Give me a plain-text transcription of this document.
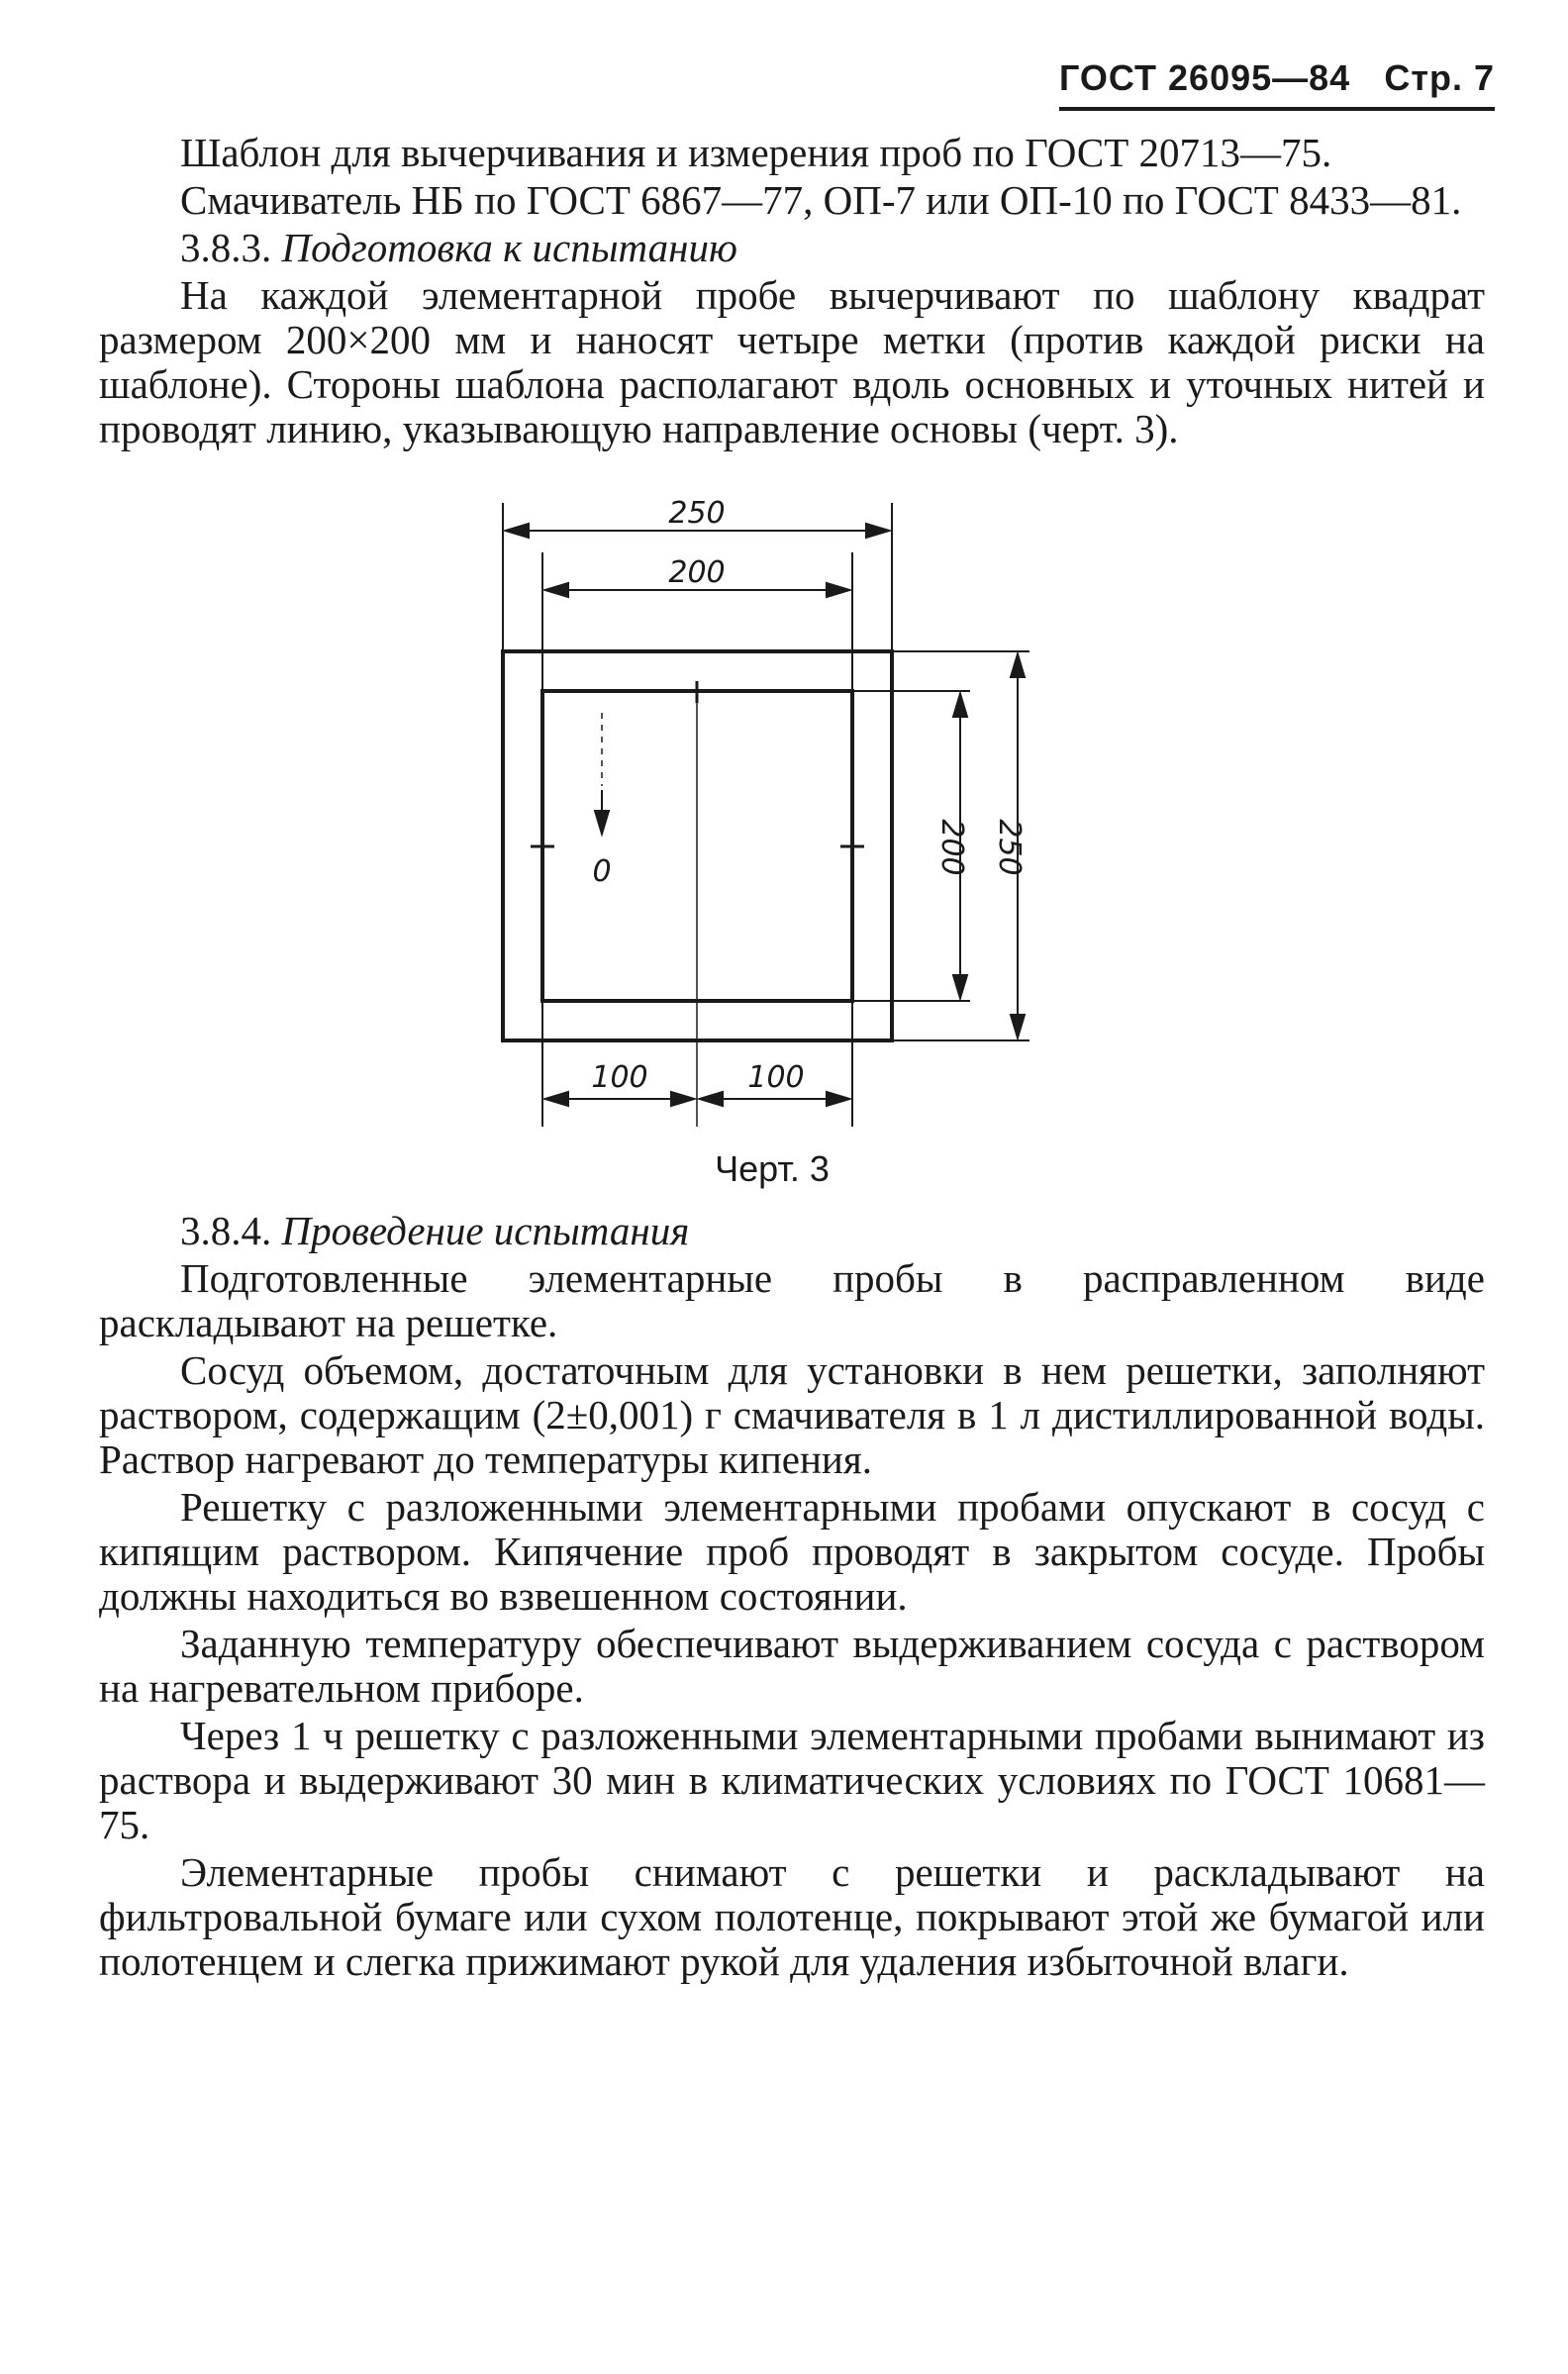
ГОСТ 26095—84 Стр. 7

Шаблон для вычерчивания и измерения проб по ГОСТ 20713—75.

Смачиватель НБ по ГОСТ 6867—77, ОП-7 или ОП-10 по ГОСТ 8433—81.

3.8.3. Подготовка к испытанию

На каждой элементарной пробе вычерчивают по шаблону квадрат размером 200×200 мм и наносят четыре метки (против каждой риски на шаблоне). Стороны шаблона располагают вдоль основных и уточных нитей и проводят линию, указывающую направление основы (черт. 3).

250
200
200 250
100	100
0
Черт. 3

3.8.4. Проведение испытания

Подготовленные элементарные пробы в расправленном виде раскладывают на решетке.

Сосуд объемом, достаточным для установки в нем решетки, заполняют раствором, содержащим (2±0,001) г смачивателя в 1 л дистиллированной воды. Раствор нагревают до температуры кипения.

Решетку с разложенными элементарными пробами опускают в сосуд с кипящим раствором. Кипячение проб проводят в закрытом сосуде. Пробы должны находиться во взвешенном состоянии.

Заданную температуру обеспечивают выдерживанием сосуда с раствором на нагревательном приборе.

Через 1 ч решетку с разложенными элементарными пробами вынимают из раствора и выдерживают 30 мин в климатических условиях по ГОСТ 10681—75.

Элементарные пробы снимают с решетки и раскладывают на фильтровальной бумаге или сухом полотенце, покрывают этой же бумагой или полотенцем и слегка прижимают рукой для удаления избыточной влаги.
